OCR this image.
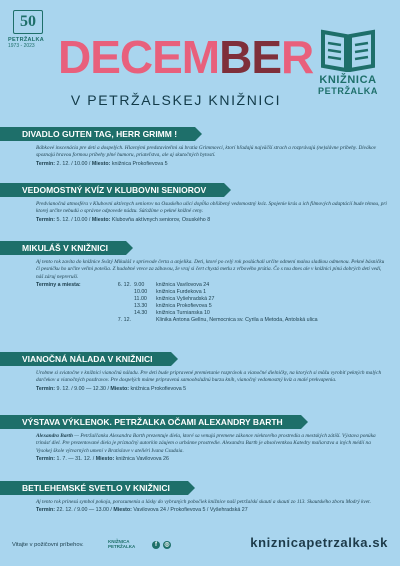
50
PETRŽALKA
1973 - 2023 DECEMBER
V PETRŽALSKEJ KNIŽNICI
KNIŽNICA
PETRŽALKA
DIVADLO GUTEN TAG, HERR GRIMM !
Bábkové inscenácia pre deti a dospelých. Hlavnými predstaviteľmi sú bratia Grimmovci, ktorí hľadajú najväčší strach a rozprávajú (ne)slávne príbehy. Divákov spoznajú hravou formou príbehy plné humoru, priateľstva, ale aj skutočných bytostí.
Termín: 2. 12. / 10.00 / Miesto: knižnica Prokofievova 5
VEDOMOSTNÝ KVÍZ V KLUBOVNI SENIOROV
Predvianočná atmosféra v Klubovni aktívnych seniorov na Osuského ulici dopĺňa obľúbený vedomostný kvíz. Spojenie krás a ich filmových adaptácií bude témou, pri ktorej určite nebudú o správne odpovede núdzu. Súťažíme o pekné knižné ceny.
Termín: 5. 12. / 10.00 / Miesto: Klubovňa aktívnych seniorov, Osuského 8
MIKULÁŠ V KNIŽNICI
Aj tento rok zavíta do knižnice Svätý Mikuláš v sprievode čerta a anjelika. Deti, ktoré po celý rok poslúchali určite odmení malou sladkou odmenou. Pekné básničku či pesničku ho určite veľmi potešia. Z hudobné vrece za zábavou, že vraj si čert chystá metlu z vŕbového prútia. Čo s tou dnes ale v knižnici pínú dobrých detí vedí, náš záruj nepreruší.
Termíny a miesta:	6. 12. 9.00	knižnica Vavilovova 24
10.00	knižnica Furdekova 1
11.00	knižnica Vyšehradská 27
13.30	knižnica Prokofievova 5
14.30	knižnica Turnianska 10
7. 12.	Klinika Antona Gellnu, Nemocnica sv. Cyrila a Metoda, Antolská ulica
VIANOČNÁ NÁLADA V KNIŽNICI
Urobme si sviatočne v knižnici vianočnú náladu. Pre deti bude pripravené premietanie rozprávok a vianočné dielničky, na ktorých si môžu vyrobiť pekných malých darčekov a vianočných pozdravov. Pre dospelých máme pripravenú samoobslužnú burzu kníh, vianočný vedomostný kvíz a malé prekvapenia.
Termín: 9. 12. / 9.00 — 12.30 / Miesto: knižnica Prokofievova 5
VÝSTAVA VÝKLENOK. PETRŽALKA OČAMI ALEXANDRY BARTH
Alexandra Barth — Petržalčanka Alexandra Barth prezentuje diela, ktoré sa venujú premene zákonov niektorého prostredia a mestských zátiší. Výstava ponúka trinásť diel. Pre prezentované diela je príznačný autorkin záujem o urbánne prostredie. Alexandra Barth je absolventkou Katedry maliarstva a iných médií na Vysokej škole výtvarných umení v Bratislave v ateliéri Ivana Csudaia.
Termín: 1. 7. — 31. 12. / Miesto: knižnica Vavilovova 26
BETLEHEMSKÉ SVETLO V KNIŽNICI
Aj tento rok prinesú symbol pokoja, porozumenia a lásky do vybraných pobočiek knižnice naši petržalskí skauti a skauti zo 113. Skautského zboru Modrý kvet.
Termín: 22. 12. / 9.00 — 13.00 / Miesto: Vavilovova 24 / Prokofievova 5 / Vyšehradská 27
Vitajte v požičovni príbehov.
KNIŽNICA
PETRŽALKA	f	◎	kniznicapetrzalka.sk
